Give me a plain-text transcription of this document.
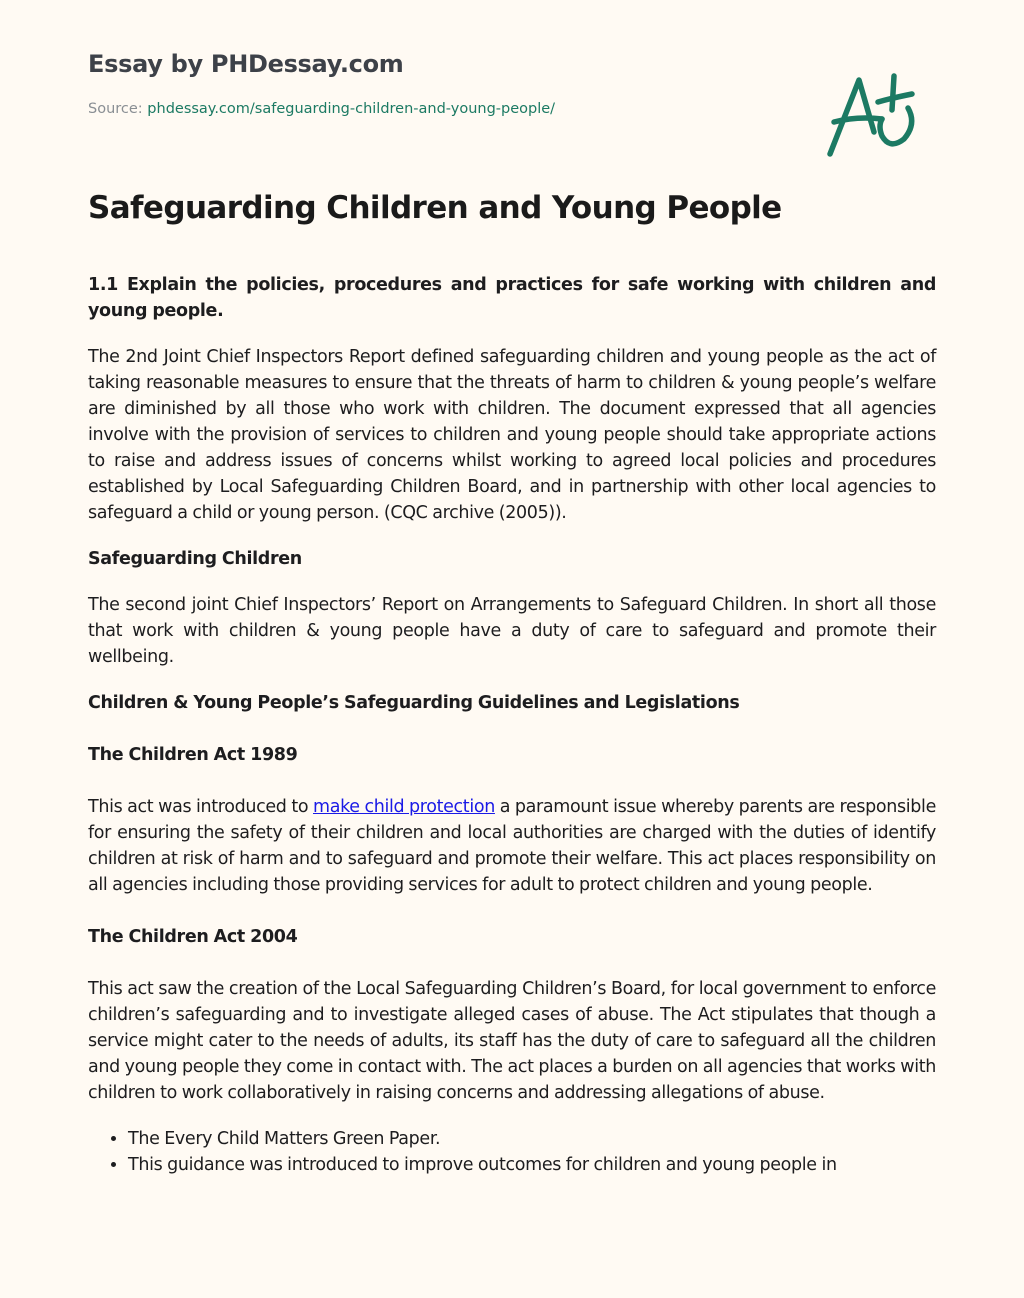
Essay by PHDessay.com
Source: phdessay.com/safeguarding-children-and-young-people/
Safeguarding Children and Young People

1.1 Explain the policies, procedures and practices for safe working with children and young people.

The 2nd Joint Chief Inspectors Report defined safeguarding children and young people as the act of taking reasonable measures to ensure that the threats of harm to children & young people’s welfare are diminished by all those who work with children. The document expressed that all agencies involve with the provision of services to children and young people should take appropriate actions to raise and address issues of concerns whilst working to agreed local policies and procedures established by Local Safeguarding Children Board, and in partnership with other local agencies to safeguard a child or young person. (CQC archive (2005)).

Safeguarding Children

The second joint Chief Inspectors’ Report on Arrangements to Safeguard Children. In short all those that work with children & young people have a duty of care to safeguard and promote their wellbeing.

Children & Young People’s Safeguarding Guidelines and Legislations

The Children Act 1989

This act was introduced to make child protection a paramount issue whereby parents are responsible for ensuring the safety of their children and local authorities are charged with the duties of identify children at risk of harm and to safeguard and promote their welfare. This act places responsibility on all agencies including those providing services for adult to protect children and young people.

The Children Act 2004

This act saw the creation of the Local Safeguarding Children’s Board, for local government to enforce children’s safeguarding and to investigate alleged cases of abuse. The Act stipulates that though a service might cater to the needs of adults, its staff has the duty of care to safeguard all the children and young people they come in contact with. The act places a burden on all agencies that works with children to work collaboratively in raising concerns and addressing allegations of abuse.

• The Every Child Matters Green Paper.
• This guidance was introduced to improve outcomes for children and young people in
